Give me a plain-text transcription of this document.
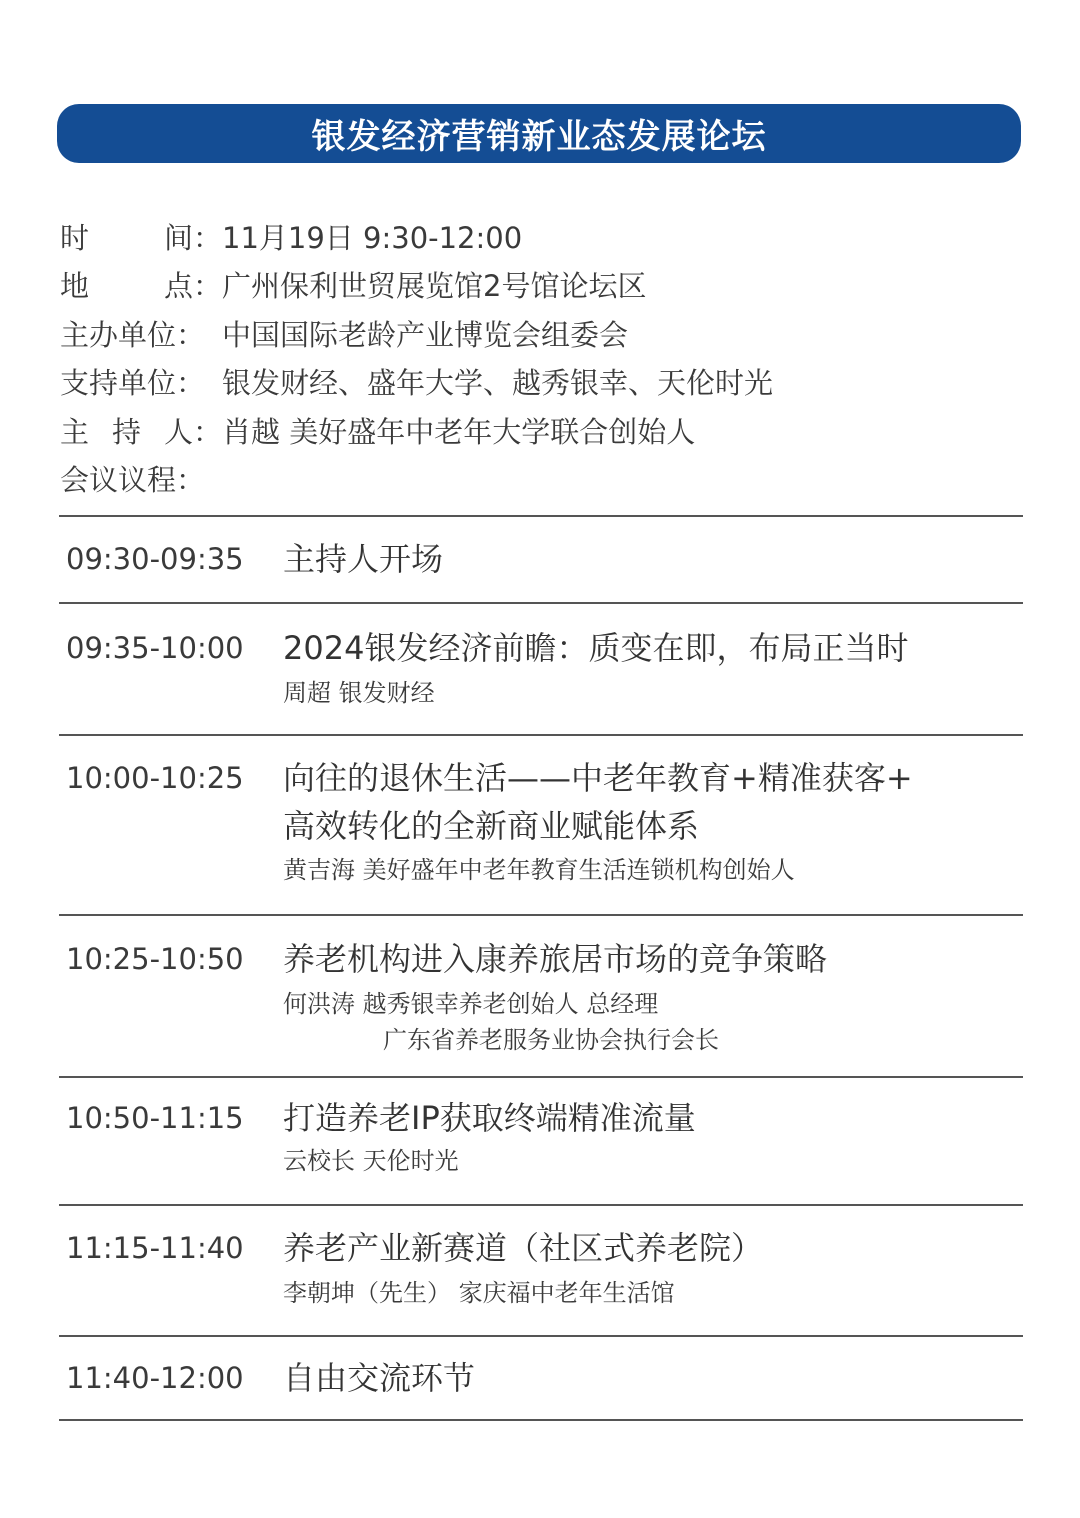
银发经济营销新业态发展论坛
时	间： 11月19日 9:30-12:00
地	点： 广州保利世贸展览馆2号馆论坛区
主办单位： 中国国际老龄产业博览会组委会
支持单位： 银发财经、盛年大学、越秀银幸、天伦时光
主 持 人： 肖越 美好盛年中老年大学联合创始人
会议议程：
09:30-09:35 主持人开场
09:35-10:00 2024银发经济前瞻：质变在即，布局正当时
周超 银发财经
10:00-10:25 向往的退休生活——中老年教育+精准获客+
高效转化的全新商业赋能体系
黄吉海 美好盛年中老年教育生活连锁机构创始人
10:25-10:50 养老机构进入康养旅居市场的竞争策略
何洪涛 越秀银幸养老创始人 总经理
广东省养老服务业协会执行会长
10:50-11:15 打造养老IP获取终端精准流量
云校长 天伦时光
11:15-11:40 养老产业新赛道（社区式养老院）
李朝坤（先生） 家庆福中老年生活馆
11:40-12:00 自由交流环节
